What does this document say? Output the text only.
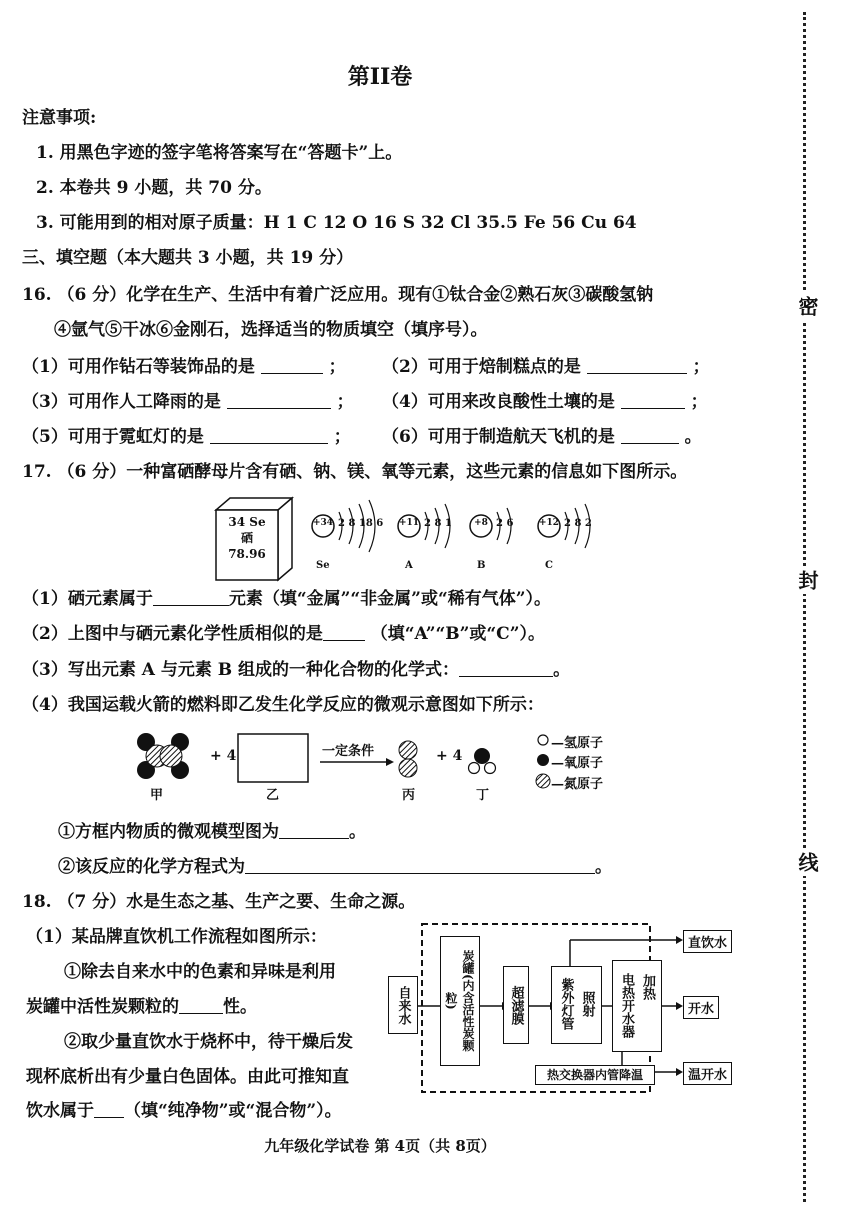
第II卷
注意事项:
1. 用黑色字迹的签字笔将答案写在“答题卡”上。
2. 本卷共 9 小题，共 70 分。
3. 可能用到的相对原子质量：H 1 C 12 O 16 S 32 Cl 35.5 Fe 56 Cu 64
三、填空题（本大题共 3 小题，共 19 分）
16. （6 分）化学在生产、生活中有着广泛应用。现有①钛合金②熟石灰③碳酸氢钠
④氩气⑤干冰⑥金刚石，选择适当的物质填空（填序号）。
（1）可用作钻石等装饰品的是	； （2）可用于焙制糕点的是	；
（3）可用作人工降雨的是	； （4）可用来改良酸性土壤的是	；
（5）可用于霓虹灯的是	； （6）可用于制造航天飞机的是	。
17. （6 分）一种富硒酵母片含有硒、钠、镁、氧等元素，这些元素的信息如下图所示。
34 Se
硒
78.96
+34 2 8 18 6
Se
+11 2 8 1
A
+8 2 6
B
+12 2 8 2
C
（1）硒元素属于	元素（填“金属”“非金属”或“稀有气体”）。
（2）上图中与硒元素化学性质相似的是	（填“A”“B”或“C”）。
（3）写出元素 A 与元素 B 组成的一种化合物的化学式：	。
（4）我国运载火箭的燃料即乙发生化学反应的微观示意图如下所示：
+ 4	一定条件	+ 4
甲	乙	丙	丁
—氢原子
—氧原子
—氮原子
①方框内物质的微观模型图为	。
②该反应的化学方程式为	。
18. （7 分）水是生态之基、生产之要、生命之源。
（1）某品牌直饮机工作流程如图所示：
①除去自来水中的色素和异味是利用
炭罐中活性炭颗粒的	性。
②取少量直饮水于烧杯中，待干燥后发
现杯底析出有少量白色固体。由此可推知直
饮水属于 （填“纯净物”或“混合物”）。
自来水	炭罐(内含活性炭颗粒)	超滤膜	紫外灯管 照射 电热开水器 加热
热交换器内管降温
直饮水
开水
温开水
九年级化学试卷 第 4页（共 8页）
密
封
线
